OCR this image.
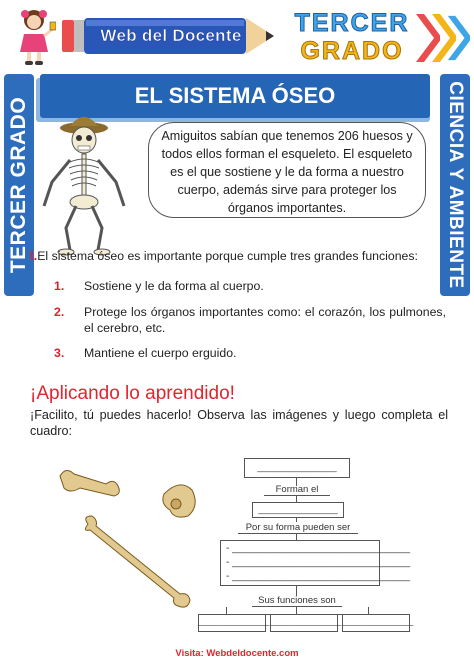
Web del Docente TERCER
GRADO
TERCER GRADO	CIENCIA Y AMBIENTE
EL SISTEMA ÓSEO
Amiguitos sabían que tenemos 206 huesos y todos ellos forman el esqueleto. El esqueleto es el que sostiene y le da forma a nuestro cuerpo, además sirve para proteger los órganos importantes.
I.El sistema óseo es importante porque cumple tres grandes funciones:
1.	Sostiene y le da forma al cuerpo.
2.	Protege los órganos importantes como: el corazón, los pulmones, el cerebro, etc.
3.	Mantiene el cuerpo erguido.
¡Aplicando lo aprendido!
¡Facilito, tú puedes hacerlo! Observa las imágenes y luego completa el cuadro:
_______________
Forman el
_______________
Por su forma pueden ser
- ________________________________
- ________________________________
- ________________________________
Sus funciones son
________________ ________________ ________________
Visita: Webdeldocente.com
